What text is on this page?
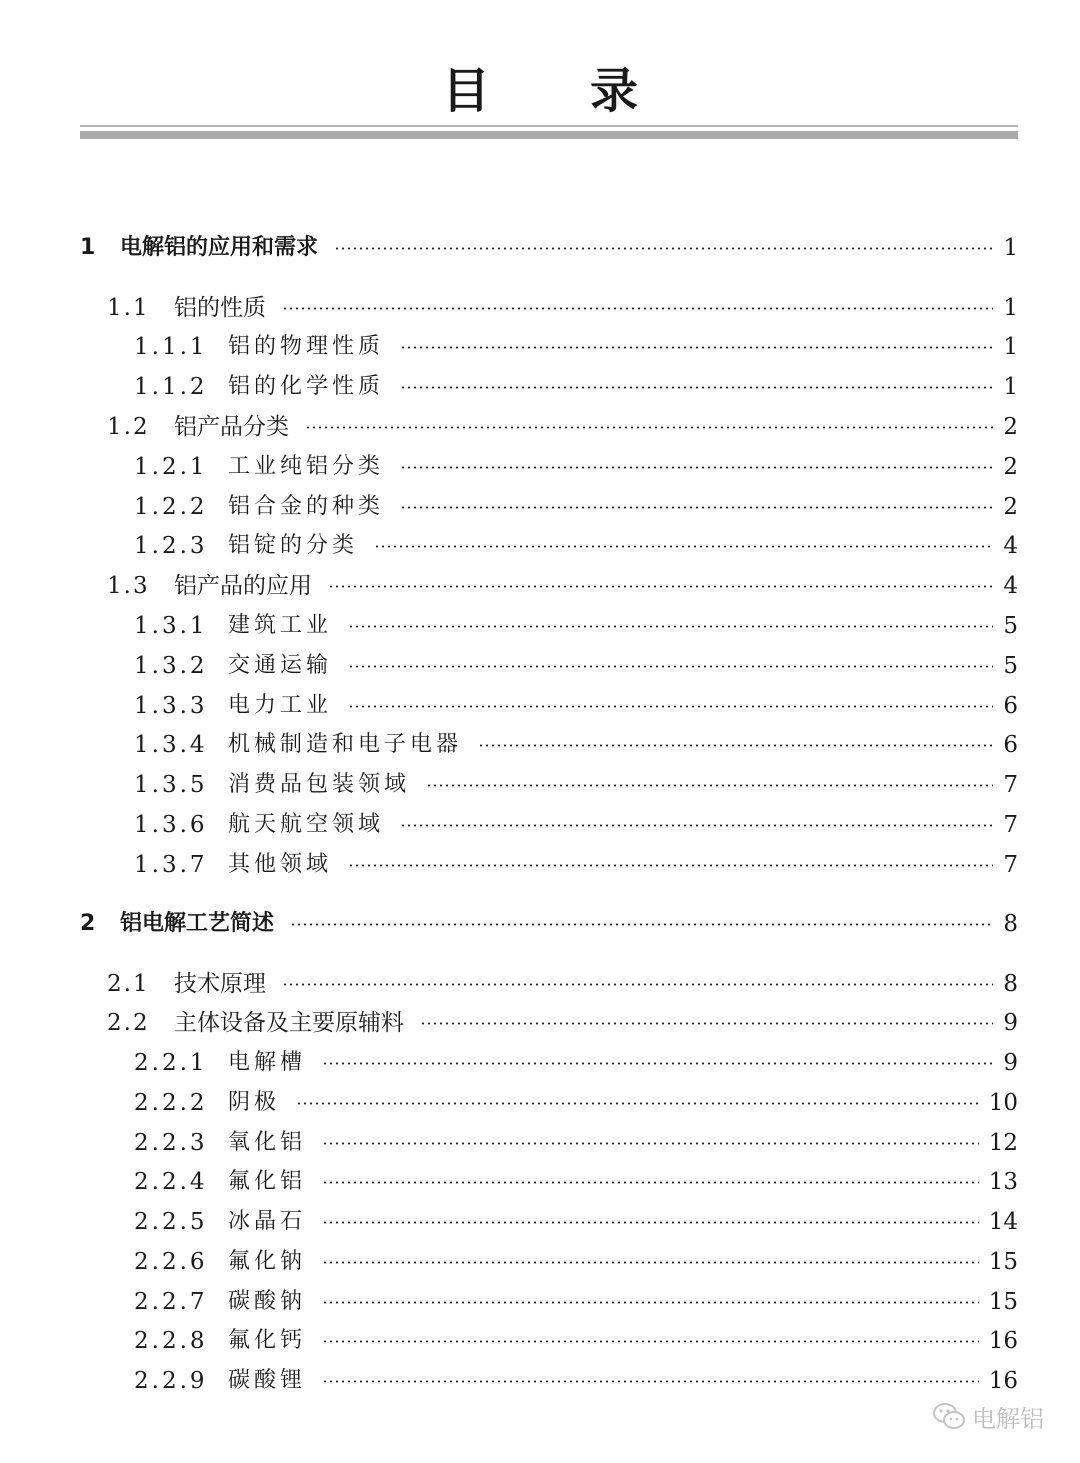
目 录
1 电解铝的应用和需求	1
1.1 铝的性质	1
1.1.1 铝的物理性质	1
1.1.2 铝的化学性质	1
1.2 铝产品分类	2
1.2.1 工业纯铝分类	2
1.2.2 铝合金的种类	2
1.2.3 铝锭的分类	4
1.3 铝产品的应用	4
1.3.1 建筑工业	5
1.3.2 交通运输	5
1.3.3 电力工业	6
1.3.4 机械制造和电子电器	6
1.3.5 消费品包装领域	7
1.3.6 航天航空领域	7
1.3.7 其他领域	7
2 铝电解工艺简述	8
2.1 技术原理	8
2.2 主体设备及主要原辅料	9
2.2.1 电解槽	9
2.2.2 阴极	10
2.2.3 氧化铝	12
2.2.4 氟化铝	13
2.2.5 冰晶石	14
2.2.6 氟化钠	15
2.2.7 碳酸钠	15
2.2.8 氟化钙	16
2.2.9 碳酸锂	16
电解铝
